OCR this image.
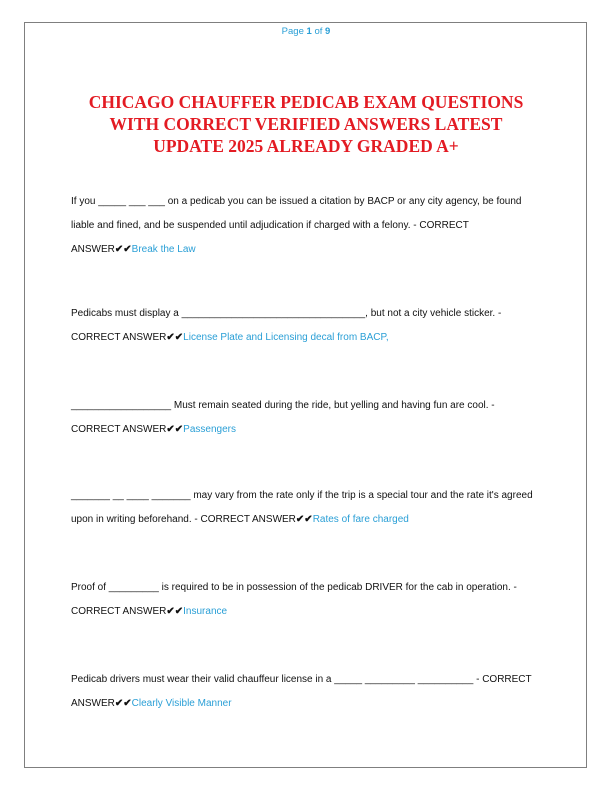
Page 1 of 9
CHICAGO CHAUFFER PEDICAB EXAM QUESTIONS
WITH CORRECT VERIFIED ANSWERS LATEST
UPDATE 2025 ALREADY GRADED A+
If you _____ ___ ___ on a pedicab you can be issued a citation by BACP or any city agency, be found liable and fined, and be suspended until adjudication if charged with a felony. - CORRECT ANSWER✔✔Break the Law
Pedicabs must display a _________________________________, but not a city vehicle sticker. - CORRECT ANSWER✔✔License Plate and Licensing decal from BACP,
__________________ Must remain seated during the ride, but yelling and having fun are cool. - CORRECT ANSWER✔✔Passengers
_______ __ ____ _______ may vary from the rate only if the trip is a special tour and the rate it's agreed upon in writing beforehand. - CORRECT ANSWER✔✔Rates of fare charged
Proof of _________ is required to be in possession of the pedicab DRIVER for the cab in operation. - CORRECT ANSWER✔✔Insurance
Pedicab drivers must wear their valid chauffeur license in a _____ _________ __________ - CORRECT ANSWER✔✔Clearly Visible Manner
